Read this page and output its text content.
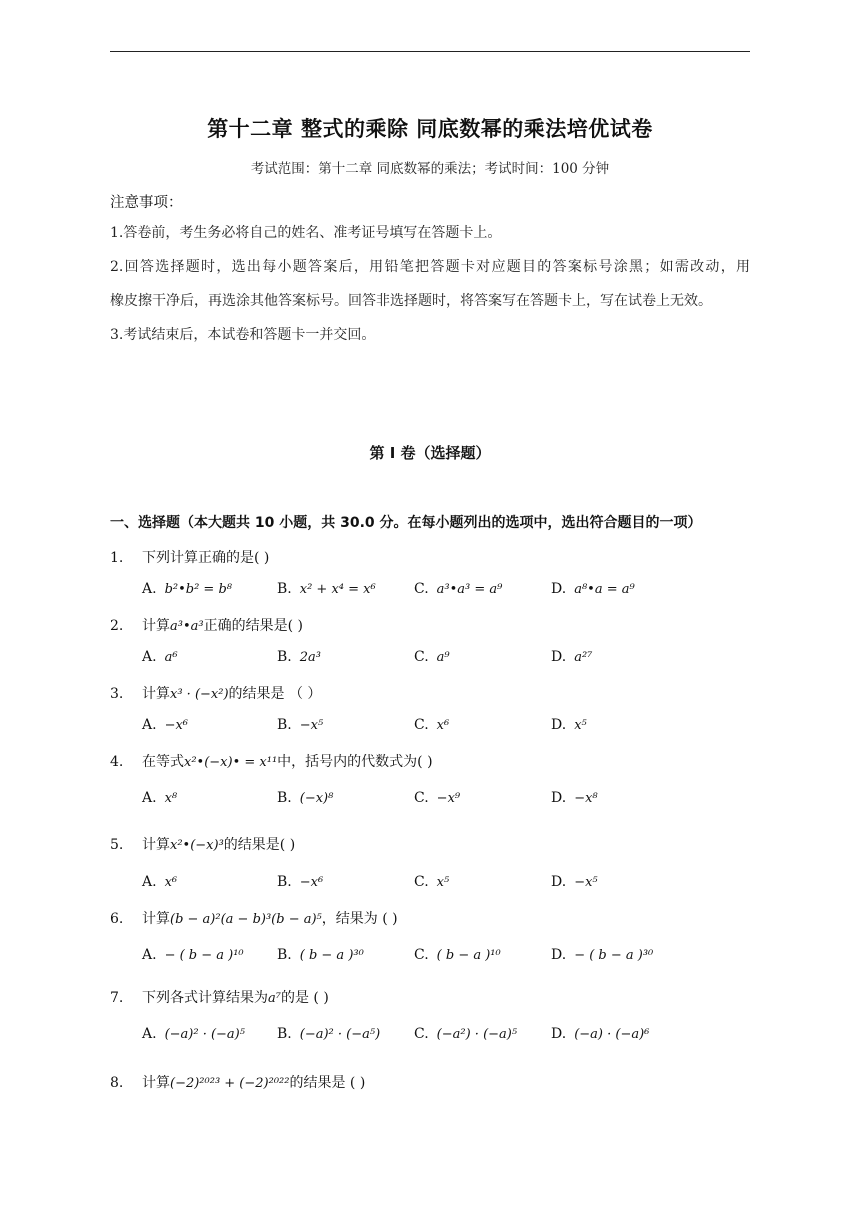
第十二章 整式的乘除 同底数幂的乘法培优试卷
考试范围：第十二章 同底数幂的乘法；考试时间：100 分钟
注意事项：

1.答卷前，考生务必将自己的姓名、准考证号填写在答题卡上。

2.回答选择题时，选出每小题答案后，用铅笔把答题卡对应题目的答案标号涂黑；如需改动，用

橡皮擦干净后，再选涂其他答案标号。回答非选择题时，将答案写在答题卡上，写在试卷上无效。

3.考试结束后，本试卷和答题卡一并交回。

第 I 卷（选择题）
一、选择题（本大题共 10 小题，共 30.0 分。在每小题列出的选项中，选出符合题目的一项）
1. 下列计算正确的是( )
A. b²•b² = b⁸	B. x² + x⁴ = x⁶	C. a³•a³ = a⁹	D. a⁸•a = a⁹
2. 计算a³•a³正确的结果是( )
A. a⁶	B. 2a³	C. a⁹	D. a²⁷
3. 计算x³ · (−x²)的结果是 （ ）
A. −x⁶	B. −x⁵	C. x⁶	D. x⁵
4. 在等式x²•(−x)• = x¹¹中，括号内的代数式为( )
A. x⁸	B. (−x)⁸	C. −x⁹	D. −x⁸
5. 计算x²•(−x)³的结果是( )
A. x⁶	B. −x⁶	C. x⁵	D. −x⁵
6. 计算(b − a)²(a − b)³(b − a)⁵，结果为 ( )
A. − ( b − a )¹⁰ B. ( b − a )³⁰	C. ( b − a )¹⁰	D. − ( b − a )³⁰
7. 下列各式计算结果为a⁷的是 ( )
A. (−a)² · (−a)⁵ B. (−a)² · (−a⁵) C. (−a²) · (−a)⁵ D. (−a) · (−a)⁶
8. 计算(−2)²⁰²³ + (−2)²⁰²²的结果是 ( )
